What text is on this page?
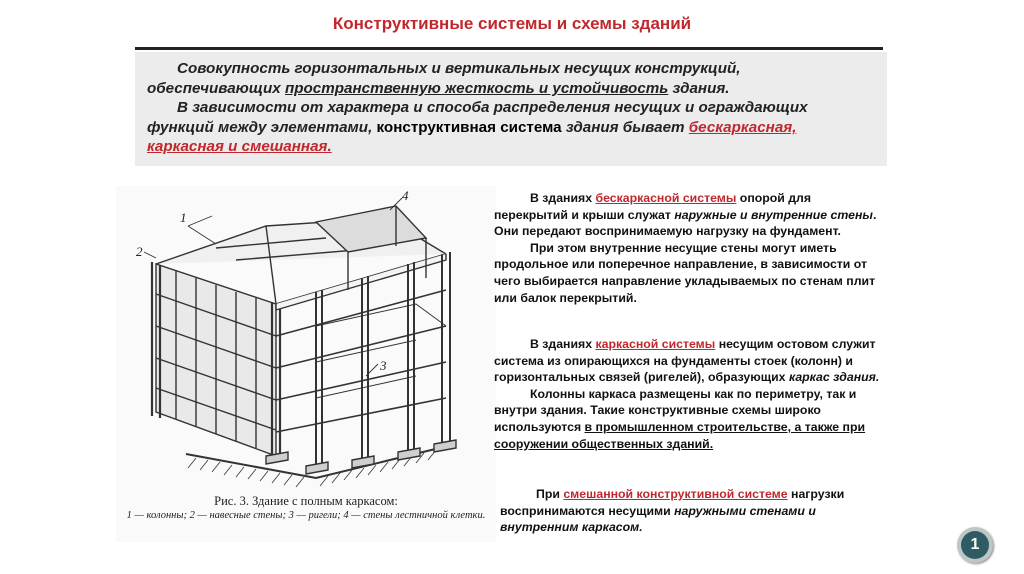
Конструктивные системы и схемы зданий

Совокупность горизонтальных и вертикальных несущих конструкций, обеспечивающих пространственную жесткость и устойчивость здания.

В зависимости от характера и способа распределения несущих и ограждающих функций между элементами, конструктивная система здания бывает бескаркасная, каркасная и смешанная.

1
2
3
4
Рис. 3. Здание с полным каркасом:
1 — колонны; 2 — навесные стены; 3 — ригели; 4 — стены лестничной клетки.

В зданиях бескаркасной системы опорой для перекрытий и крыши служат наружные и внутренние стены. Они передают воспринимаемую нагрузку на фундамент.

При этом внутренние несущие стены могут иметь продольное или поперечное направление, в зависимости от чего выбирается направление укладываемых по стенам плит или балок перекрытий.

В зданиях каркасной системы несущим остовом служит система из опирающихся на фундаменты стоек (колонн) и горизонтальных связей (ригелей), образующих каркас здания.

Колонны каркаса размещены как по периметру, так и внутри здания. Такие конструктивные схемы широко используются в промышленном строительстве, а также при сооружении общественных зданий.

При смешанной конструктивной системе нагрузки воспринимаются несущими наружными стенами и внутренним каркасом.

1
